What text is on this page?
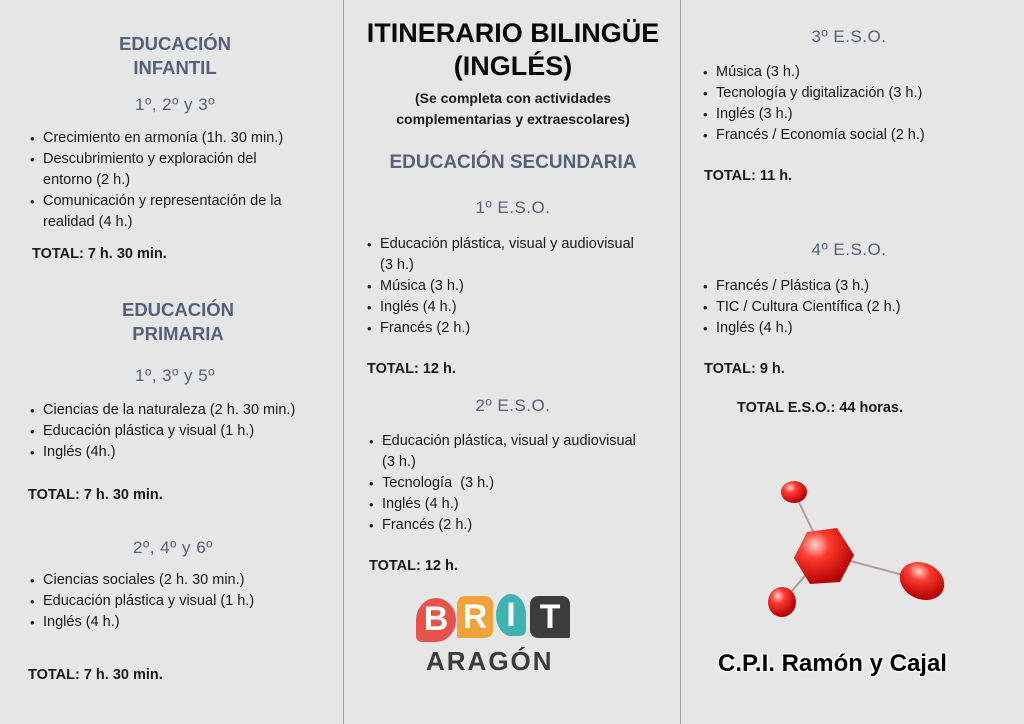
EDUCACIÓN
INFANTIL
1º, 2º y 3º
• Crecimiento en armonía (1h. 30 min.)
• Descubrimiento y exploración del
entorno (2 h.)
• Comunicación y representación de la
realidad (4 h.)
TOTAL: 7 h. 30 min.
EDUCACIÓN
PRIMARIA
1º, 3º y 5º
• Ciencias de la naturaleza (2 h. 30 min.)
• Educación plástica y visual (1 h.)
• Inglés (4h.)
TOTAL: 7 h. 30 min.
2º, 4º y 6º
• Ciencias sociales (2 h. 30 min.)
• Educación plástica y visual (1 h.)
• Inglés (4 h.)
TOTAL: 7 h. 30 min.
ITINERARIO BILINGÜE
(INGLÉS)
(Se completa con actividades
complementarias y extraescolares)
EDUCACIÓN SECUNDARIA
1º E.S.O.
• Educación plástica, visual y audiovisual
(3 h.)
• Música (3 h.)
• Inglés (4 h.)
• Francés (2 h.)
TOTAL: 12 h.
2º E.S.O.
• Educación plástica, visual y audiovisual
(3 h.)
• Tecnología  (3 h.)
• Inglés (4 h.)
• Francés (2 h.)
TOTAL: 12 h.
B R I T
ARAGÓN
3º E.S.O.
• Música (3 h.)
• Tecnología y digitalización (3 h.)
• Inglés (3 h.)
• Francés / Economía social (2 h.)
TOTAL: 11 h.
4º E.S.O.
• Francés / Plástica (3 h.)
• TIC / Cultura Científica (2 h.)
• Inglés (4 h.)
TOTAL: 9 h.
TOTAL E.S.O.: 44 horas.
C.P.I. Ramón y Cajal
